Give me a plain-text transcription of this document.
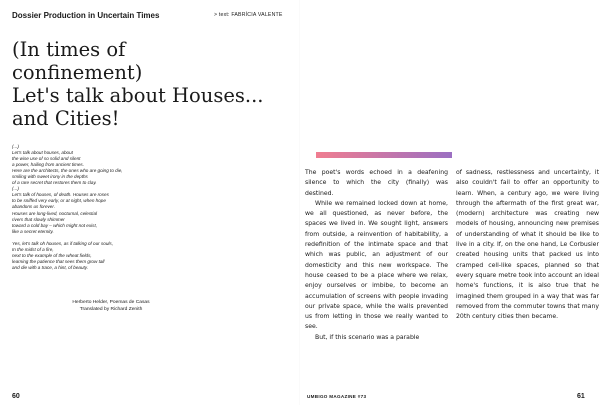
Dossier Production in Uncertain Times	> text: FABRÍCIA VALENTE
(In times of
confinement)
Let's talk about Houses...
and Cities!
(...)
Let's talk about houses, about
the wise use of so solid and silent
a power, hailing from ancient times.
Here are the architects, the ones who are going to die,
smiling with sweet irony in the depths
of a rare secret that restores them to clay.
(...)
Let's talk of houses, of death. Houses are roses
to be sniffed very early, or at night, when hope
abandons us forever.
Houses are long-lived, nocturnal, celestial
rivers that slowly shimmer
toward a cold bay – which might not exist,
like a secret eternity.
Yes, let's talk oh houses, as if talking of our souls,
In the midst of a fire,
next to the example of the wheat fields,
learning the patience that sees them grow tall
and die with a trace, a hint, of beauty.
Herberto Helder, Poemas de Casas
Translated by Richard Zenith

The poet's words echoed in a deafening silence to which the city (finally) was destined.

While we remained locked down at home, we all questioned, as never before, the spaces we lived in. We sought light, answers from outside, a reinvention of habitability, a redefinition of the intimate space and that which was public, an adjustment of our domesticity and this new workspace. The house ceased to be a place where we relax, enjoy ourselves or imbibe, to become an accumulation of screens with people invading our private space, while the walls prevented us from letting in those we really wanted to see.

But, if this scenario was a parable

of sadness, restlessness and uncertainty, it also couldn't fail to offer an opportunity to learn. When, a century ago, we were living through the aftermath of the first great war, (modern) architecture was creating new models of housing, announcing new premises of understanding of what it should be like to live in a city. If, on the one hand, Le Corbusier created housing units that packed us into cramped cell-like spaces, planned so that every square metre took into account an ideal home's functions, it is also true that he imagined them grouped in a way that was far removed from the commuter towns that many 20th century cities then became.

60	UMBIGO MAGAZINE #73	61
